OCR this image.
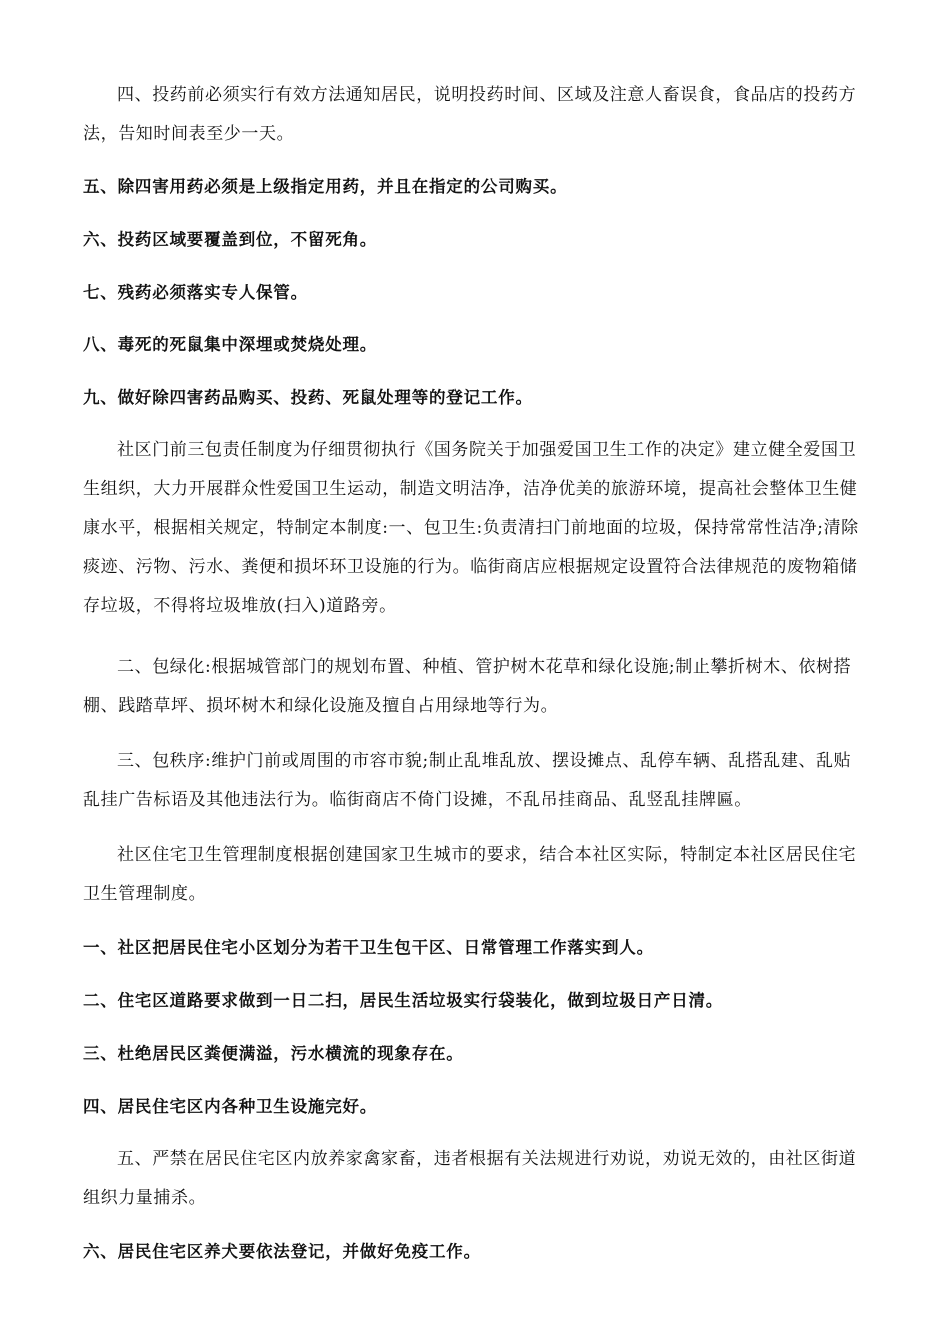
四、投药前必须实行有效方法通知居民，说明投药时间、区域及注意人畜误食，食品店的投药方法，告知时间表至少一天。

五、除四害用药必须是上级指定用药，并且在指定的公司购买。

六、投药区域要覆盖到位，不留死角。

七、残药必须落实专人保管。

八、毒死的死鼠集中深埋或焚烧处理。

九、做好除四害药品购买、投药、死鼠处理等的登记工作。

社区门前三包责任制度为仔细贯彻执行《国务院关于加强爱国卫生工作的决定》建立健全爱国卫生组织，大力开展群众性爱国卫生运动，制造文明洁净，洁净优美的旅游环境，提高社会整体卫生健康水平，根据相关规定，特制定本制度:一、包卫生:负责清扫门前地面的垃圾，保持常常性洁净;清除痰迹、污物、污水、粪便和损坏环卫设施的行为。临街商店应根据规定设置符合法律规范的废物箱储存垃圾，不得将垃圾堆放(扫入)道路旁。

二、包绿化:根据城管部门的规划布置、种植、管护树木花草和绿化设施;制止攀折树木、依树搭棚、践踏草坪、损坏树木和绿化设施及擅自占用绿地等行为。

三、包秩序:维护门前或周围的市容市貌;制止乱堆乱放、摆设摊点、乱停车辆、乱搭乱建、乱贴乱挂广告标语及其他违法行为。临街商店不倚门设摊，不乱吊挂商品、乱竖乱挂牌匾。

社区住宅卫生管理制度根据创建国家卫生城市的要求，结合本社区实际，特制定本社区居民住宅卫生管理制度。

一、社区把居民住宅小区划分为若干卫生包干区、日常管理工作落实到人。

二、住宅区道路要求做到一日二扫，居民生活垃圾实行袋装化，做到垃圾日产日清。

三、杜绝居民区粪便满溢，污水横流的现象存在。

四、居民住宅区内各种卫生设施完好。

五、严禁在居民住宅区内放养家禽家畜，违者根据有关法规进行劝说，劝说无效的，由社区街道组织力量捕杀。

六、居民住宅区养犬要依法登记，并做好免疫工作。
